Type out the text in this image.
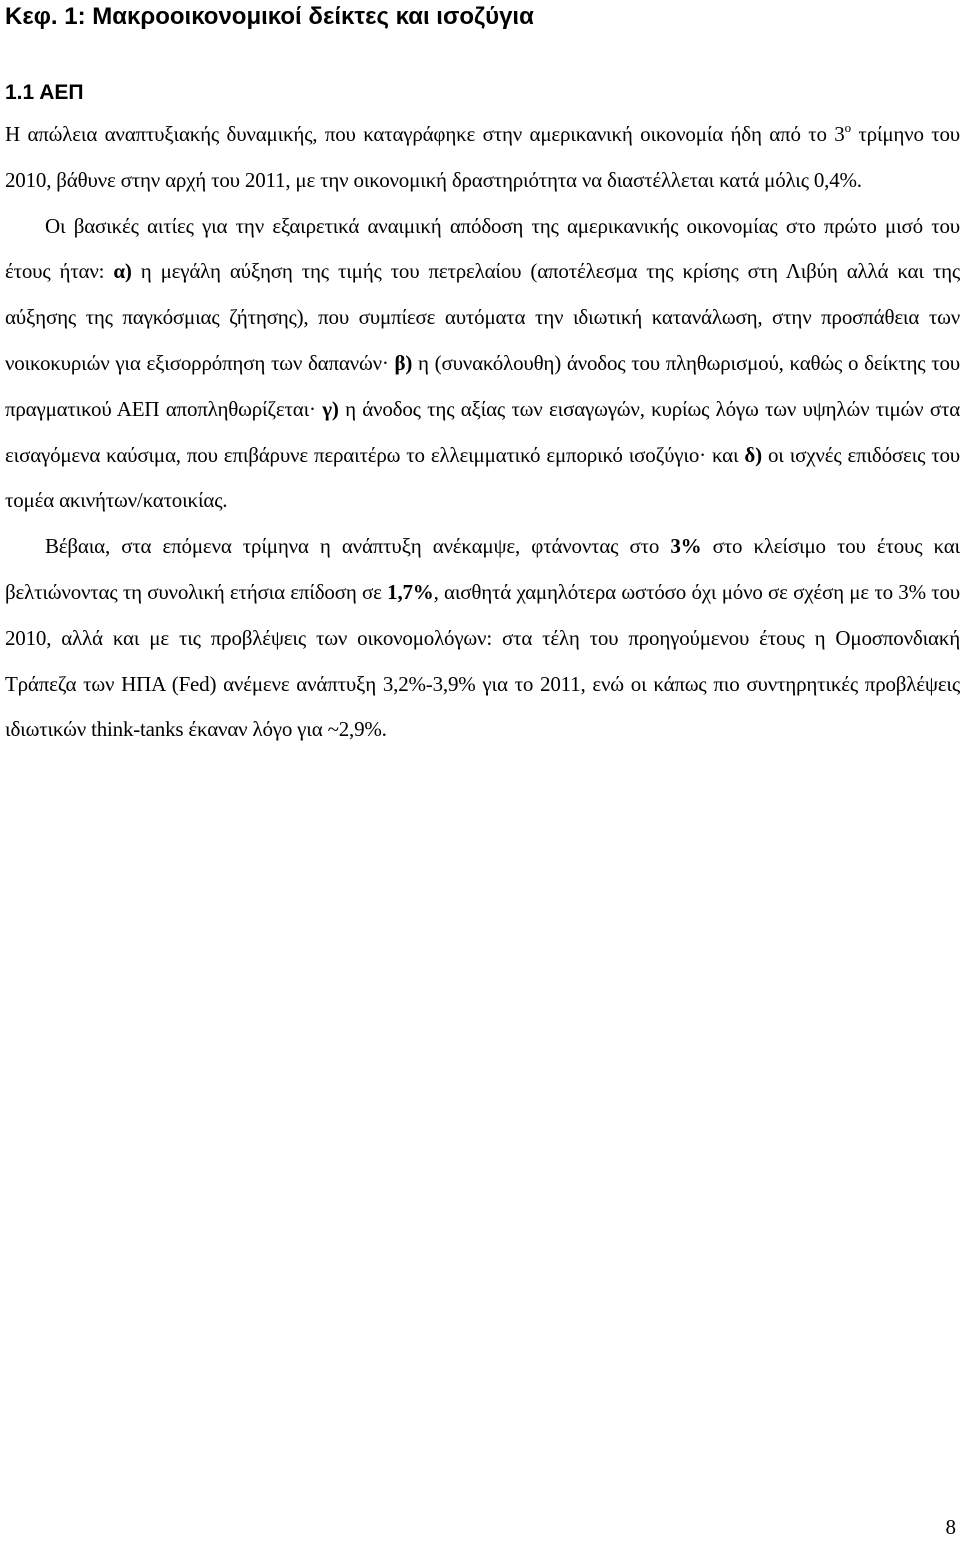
Κεφ. 1: Μακροοικονομικοί δείκτες και ισοζύγια
1.1 ΑΕΠ

Η απώλεια αναπτυξιακής δυναμικής, που καταγράφηκε στην αμερικανική οικονομία ήδη από το $3^o$ τρίμηνο του 2010, βάθυνε στην αρχή του 2011, με την οικονομική δραστηριότητα να διαστέλλεται κατά μόλις 0,4%.
Οι βασικές αιτίες για την εξαιρετικά αναιμική απόδοση της αμερικανικής οικονομίας στο πρώτο μισό του έτους ήταν: α) η μεγάλη αύξηση της τιμής του πετρελαίου (αποτέλεσμα της κρίσης στη Λιβύη αλλά και της αύξησης της παγκόσμιας ζήτησης), που συμπίεσε αυτόματα την ιδιωτική κατανάλωση, στην προσπάθεια των νοικοκυριών για εξισορρόπηση των δαπανών· β) η (συνακόλουθη) άνοδος του πληθωρισμού, καθώς ο δείκτης του πραγματικού ΑΕΠ αποπληθωρίζεται· γ) η άνοδος της αξίας των εισαγωγών, κυρίως λόγω των υψηλών τιμών στα εισαγόμενα καύσιμα, που επιβάρυνε περαιτέρω το ελλειμματικό εμπορικό ισοζύγιο· και δ) οι ισχνές επιδόσεις του τομέα ακινήτων/κατοικίας.

Βέβαια, στα επόμενα τρίμηνα η ανάπτυξη ανέκαμψε, φτάνοντας στο 3% στο κλείσιμο του έτους και βελτιώνοντας τη συνολική ετήσια επίδοση σε 1,7%, αισθητά χαμηλότερα ωστόσο όχι μόνο σε σχέση με το 3% του 2010, αλλά και με τις προβλέψεις των οικονομολόγων: στα τέλη του προηγούμενου έτους η Ομοσπονδιακή Τράπεζα των ΗΠΑ (Fed) ανέμενε ανάπτυξη 3,2%-3,9% για το 2011, ενώ οι κάπως πιο συντηρητικές προβλέψεις ιδιωτικών think-tanks έκαναν λόγο για ~2,9%.

8
